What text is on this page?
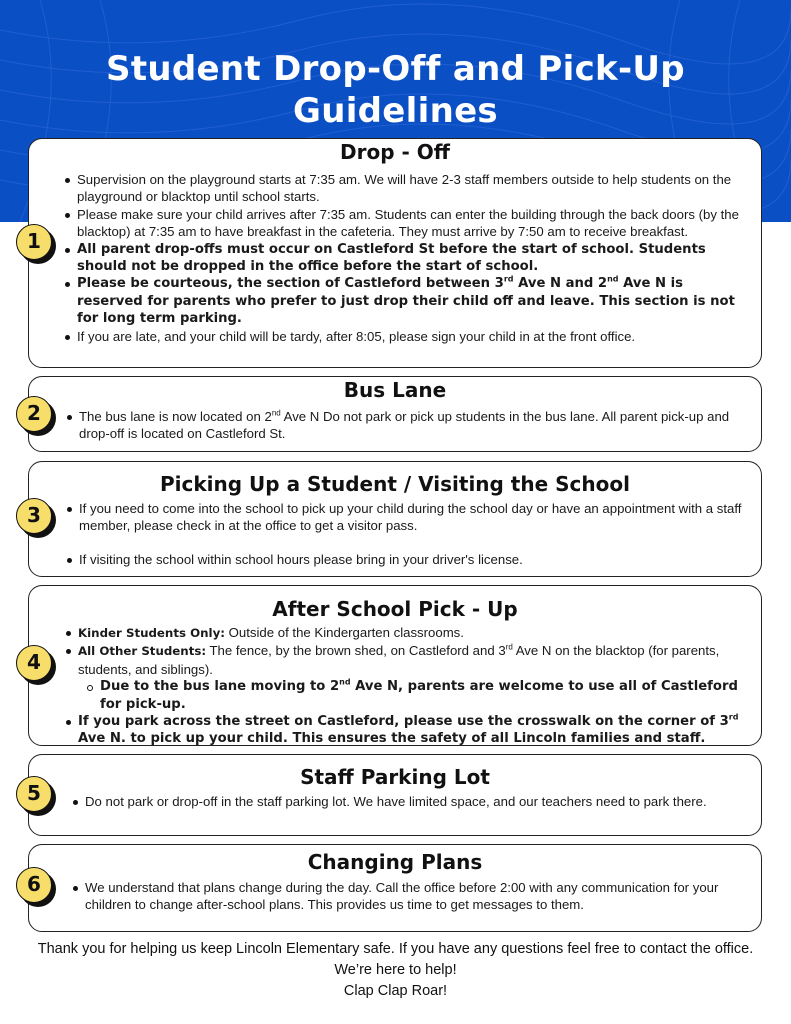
Student Drop-Off and Pick-Up
Guidelines
Drop - Off
Supervision on the playground starts at 7:35 am. We will have 2-3 staff members outside to help students on the playground or blacktop until school starts.
Please make sure your child arrives after 7:35 am. Students can enter the building through the back doors (by the blacktop) at 7:35 am to have breakfast in the cafeteria. They must arrive by 7:50 am to receive breakfast.
All parent drop-offs must occur on Castleford St before the start of school. Students should not be dropped in the office before the start of school.
Please be courteous, the section of Castleford between 3rd Ave N and 2nd Ave N is reserved for parents who prefer to just drop their child off and leave. This section is not for long term parking.
If you are late, and your child will be tardy, after 8:05, please sign your child in at the front office.
1
Bus Lane
The bus lane is now located on 2nd Ave N Do not park or pick up students in the bus lane. All parent pick-up and drop-off is located on Castleford St.
2
Picking Up a Student / Visiting the School
If you need to come into the school to pick up your child during the school day or have an appointment with a staff member, please check in at the office to get a visitor pass.
If visiting the school within school hours please bring in your driver's license.
3
After School Pick - Up
Kinder Students Only: Outside of the Kindergarten classrooms.
All Other Students: The fence, by the brown shed, on Castleford and 3rd Ave N on the blacktop (for parents, students, and siblings).
Due to the bus lane moving to 2nd Ave N, parents are welcome to use all of Castleford for pick-up.
If you park across the street on Castleford, please use the crosswalk on the corner of 3rd Ave N. to pick up your child. This ensures the safety of all Lincoln families and staff.
4
Staff Parking Lot
Do not park or drop-off in the staff parking lot. We have limited space, and our teachers need to park there.
5
Changing Plans
We understand that plans change during the day. Call the office before 2:00 with any communication for your children to change after-school plans. This provides us time to get messages to them.
6
Thank you for helping us keep Lincoln Elementary safe. If you have any questions feel free to contact the office. We’re here to help!
Clap Clap Roar!
